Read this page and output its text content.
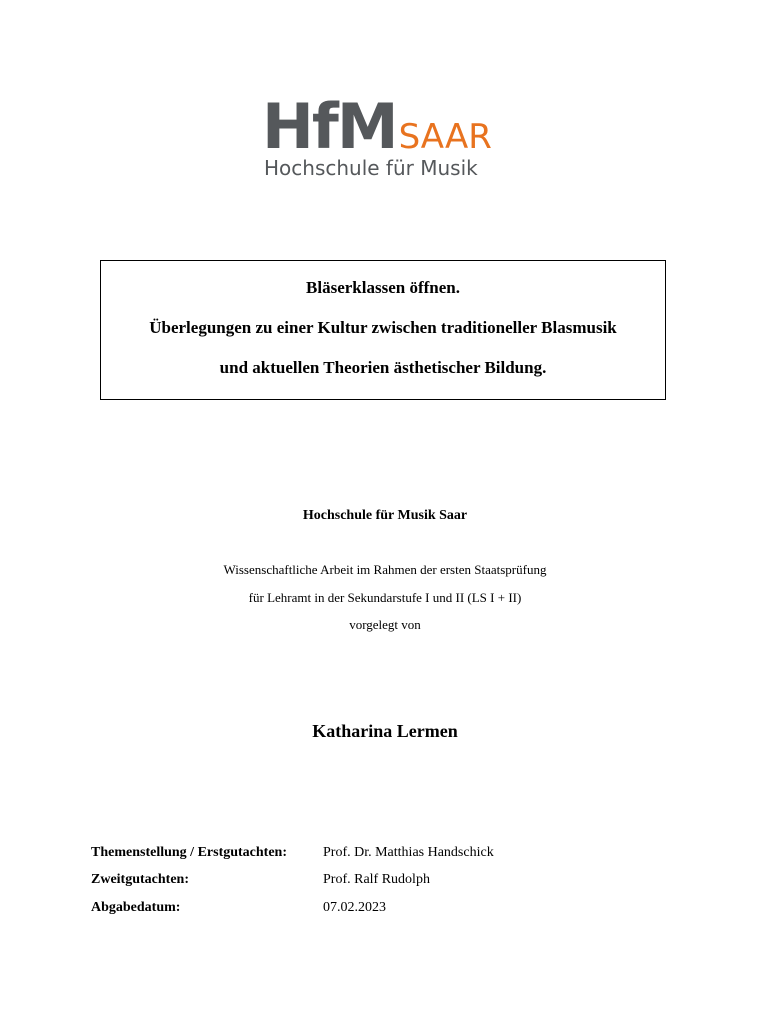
HfMSAAR
Hochschule für Musik
Bläserklassen öffnen.
Überlegungen zu einer Kultur zwischen traditioneller Blasmusik
und aktuellen Theorien ästhetischer Bildung.
Hochschule für Musik Saar
Wissenschaftliche Arbeit im Rahmen der ersten Staatsprüfung
für Lehramt in der Sekundarstufe I und II (LS I + II)
vorgelegt von
Katharina Lermen
Themenstellung / Erstgutachten:	Prof. Dr. Matthias Handschick
Zweitgutachten:	Prof. Ralf Rudolph
Abgabedatum:	07.02.2023
